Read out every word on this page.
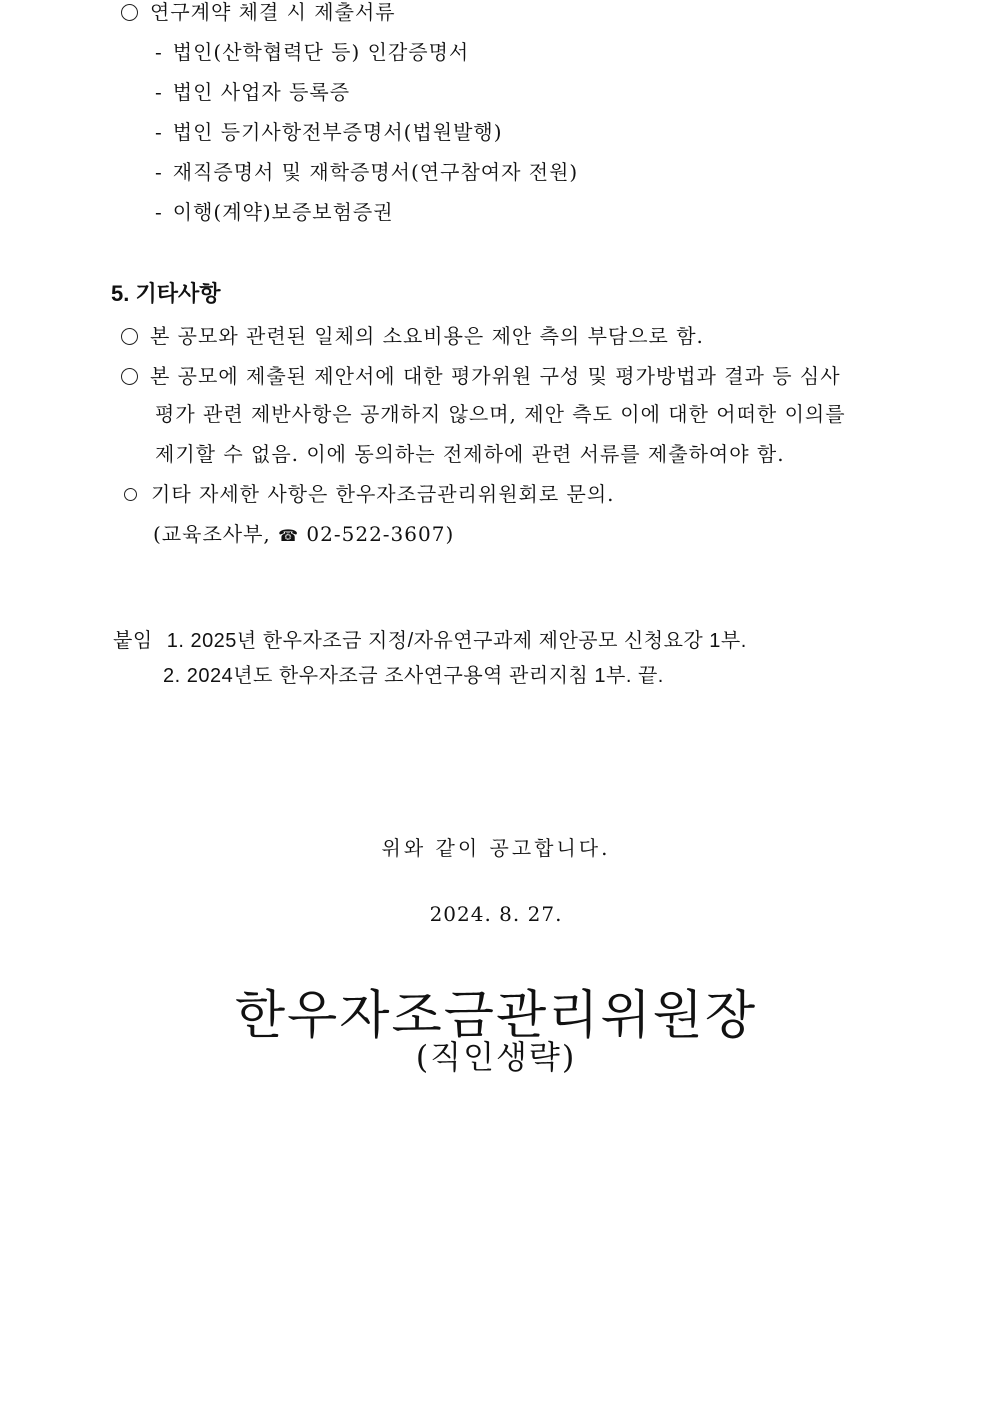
연구계약 체결 시 제출서류
- 법인(산학협력단 등) 인감증명서
- 법인 사업자 등록증
- 법인 등기사항전부증명서(법원발행)
- 재직증명서 및 재학증명서(연구참여자 전원)
- 이행(계약)보증보험증권
5. 기타사항
본 공모와 관련된 일체의 소요비용은 제안 측의 부담으로 함.
본 공모에 제출된 제안서에 대한 평가위원 구성 및 평가방법과 결과 등 심사
평가 관련 제반사항은 공개하지 않으며, 제안 측도 이에 대한 어떠한 이의를
제기할 수 없음. 이에 동의하는 전제하에 관련 서류를 제출하여야 함.
기타 자세한 사항은 한우자조금관리위원회로 문의.
(교육조사부, ☎ 02-522-3607)
붙임 1. 2025년 한우자조금 지정/자유연구과제 제안공모 신청요강 1부.
2. 2024년도 한우자조금 조사연구용역 관리지침 1부. 끝.
위와 같이 공고합니다.
2024. 8. 27.
한우자조금관리위원장
(직인생략)
